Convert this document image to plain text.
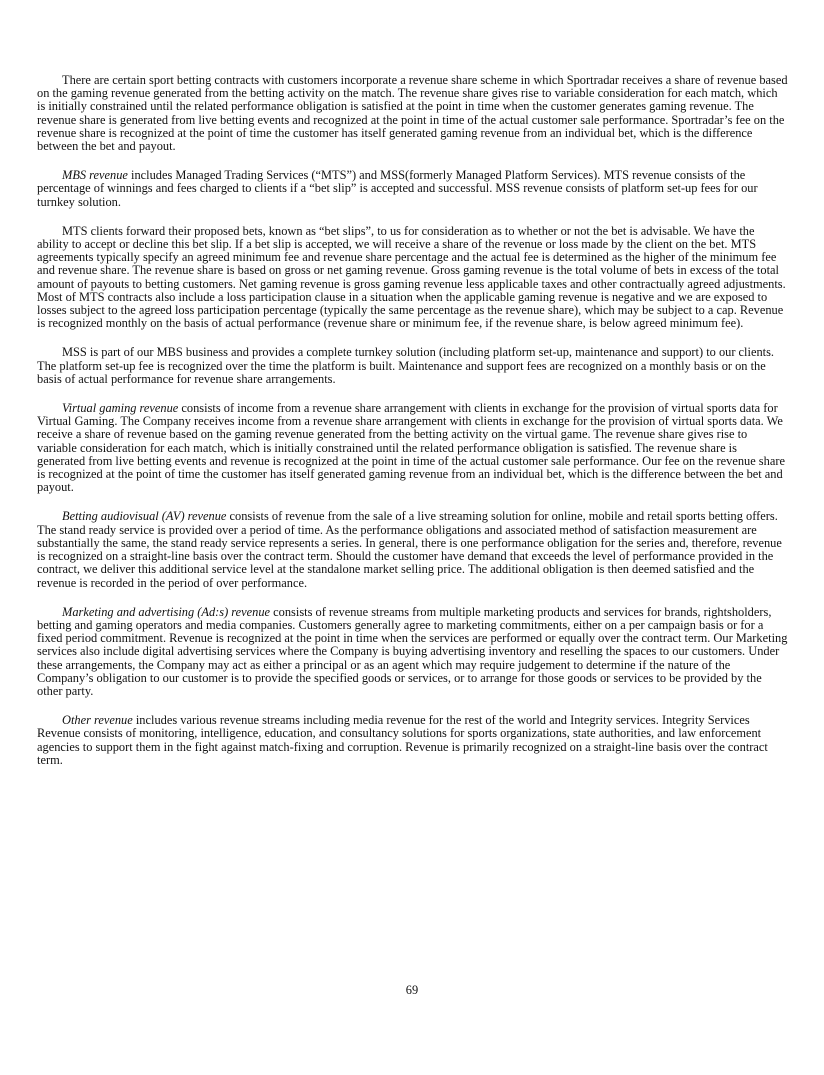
There are certain sport betting contracts with customers incorporate a revenue share scheme in which Sportradar receives a share of revenue based on the gaming revenue generated from the betting activity on the match. The revenue share gives rise to variable consideration for each match, which is initially constrained until the related performance obligation is satisfied at the point in time when the customer generates gaming revenue. The revenue share is generated from live betting events and recognized at the point in time of the actual customer sale performance. Sportradar’s fee on the revenue share is recognized at the point of time the customer has itself generated gaming revenue from an individual bet, which is the difference between the bet and payout.

MBS revenue includes Managed Trading Services (“MTS”) and MSS(formerly Managed Platform Services). MTS revenue consists of the percentage of winnings and fees charged to clients if a “bet slip” is accepted and successful. MSS revenue consists of platform set-up fees for our turnkey solution.

MTS clients forward their proposed bets, known as “bet slips”, to us for consideration as to whether or not the bet is advisable. We have the ability to accept or decline this bet slip. If a bet slip is accepted, we will receive a share of the revenue or loss made by the client on the bet. MTS agreements typically specify an agreed minimum fee and revenue share percentage and the actual fee is determined as the higher of the minimum fee and revenue share. The revenue share is based on gross or net gaming revenue. Gross gaming revenue is the total volume of bets in excess of the total amount of payouts to betting customers. Net gaming revenue is gross gaming revenue less applicable taxes and other contractually agreed adjustments. Most of MTS contracts also include a loss participation clause in a situation when the applicable gaming revenue is negative and we are exposed to losses subject to the agreed loss participation percentage (typically the same percentage as the revenue share), which may be subject to a cap. Revenue is recognized monthly on the basis of actual performance (revenue share or minimum fee, if the revenue share, is below agreed minimum fee).

MSS is part of our MBS business and provides a complete turnkey solution (including platform set-up, maintenance and support) to our clients. The platform set-up fee is recognized over the time the platform is built. Maintenance and support fees are recognized on a monthly basis or on the basis of actual performance for revenue share arrangements.

Virtual gaming revenue consists of income from a revenue share arrangement with clients in exchange for the provision of virtual sports data for Virtual Gaming. The Company receives income from a revenue share arrangement with clients in exchange for the provision of virtual sports data. We receive a share of revenue based on the gaming revenue generated from the betting activity on the virtual game. The revenue share gives rise to variable consideration for each match, which is initially constrained until the related performance obligation is satisfied. The revenue share is generated from live betting events and revenue is recognized at the point in time of the actual customer sale performance. Our fee on the revenue share is recognized at the point of time the customer has itself generated gaming revenue from an individual bet, which is the difference between the bet and payout.

Betting audiovisual (AV) revenue consists of revenue from the sale of a live streaming solution for online, mobile and retail sports betting offers. The stand ready service is provided over a period of time. As the performance obligations and associated method of satisfaction measurement are substantially the same, the stand ready service represents a series. In general, there is one performance obligation for the series and, therefore, revenue is recognized on a straight-line basis over the contract term. Should the customer have demand that exceeds the level of performance provided in the contract, we deliver this additional service level at the standalone market selling price. The additional obligation is then deemed satisfied and the revenue is recorded in the period of over performance.

Marketing and advertising (Ad:s) revenue consists of revenue streams from multiple marketing products and services for brands, rightsholders, betting and gaming operators and media companies. Customers generally agree to marketing commitments, either on a per campaign basis or for a fixed period commitment. Revenue is recognized at the point in time when the services are performed or equally over the contract term. Our Marketing services also include digital advertising services where the Company is buying advertising inventory and reselling the spaces to our customers. Under these arrangements, the Company may act as either a principal or as an agent which may require judgement to determine if the nature of the Company’s obligation to our customer is to provide the specified goods or services, or to arrange for those goods or services to be provided by the other party.

Other revenue includes various revenue streams including media revenue for the rest of the world and Integrity services. Integrity Services Revenue consists of monitoring, intelligence, education, and consultancy solutions for sports organizations, state authorities, and law enforcement agencies to support them in the fight against match-fixing and corruption. Revenue is primarily recognized on a straight-line basis over the contract term.

69
